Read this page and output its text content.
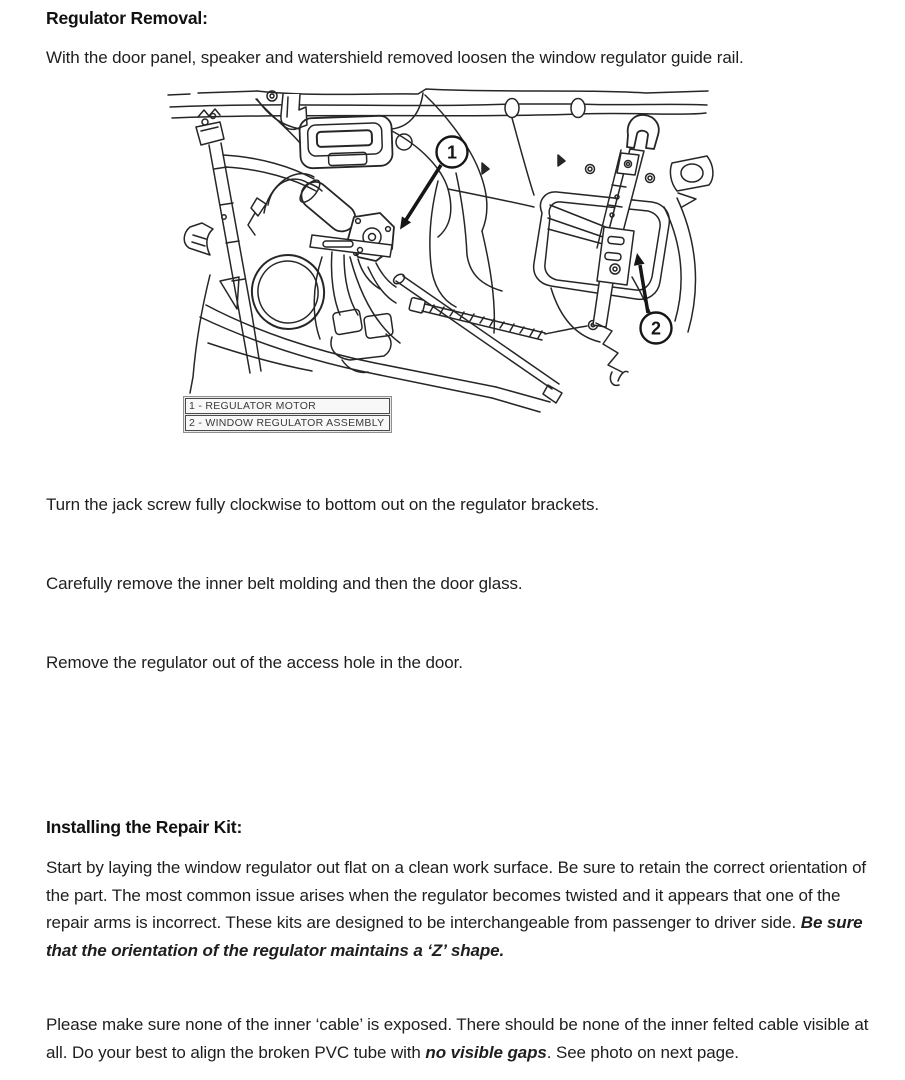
Regulator Removal:

With the door panel, speaker and watershield removed loosen the window regulator guide rail.

1
2
1 - REGULATOR MOTOR
2 - WINDOW REGULATOR ASSEMBLY

Turn the jack screw fully clockwise to bottom out on the regulator brackets.

Carefully remove the inner belt molding and then the door glass.

Remove the regulator out of the access hole in the door.

Installing the Repair Kit:

Start by laying the window regulator out flat on a clean work surface. Be sure to retain the correct orientation of the part. The most common issue arises when the regulator becomes twisted and it appears that one of the repair arms is incorrect. These kits are designed to be interchangeable from passenger to driver side. Be sure that the orientation of the regulator maintains a ‘Z’ shape.

Please make sure none of the inner ‘cable’ is exposed. There should be none of the inner felted cable visible at all. Do your best to align the broken PVC tube with no visible gaps. See photo on next page.
